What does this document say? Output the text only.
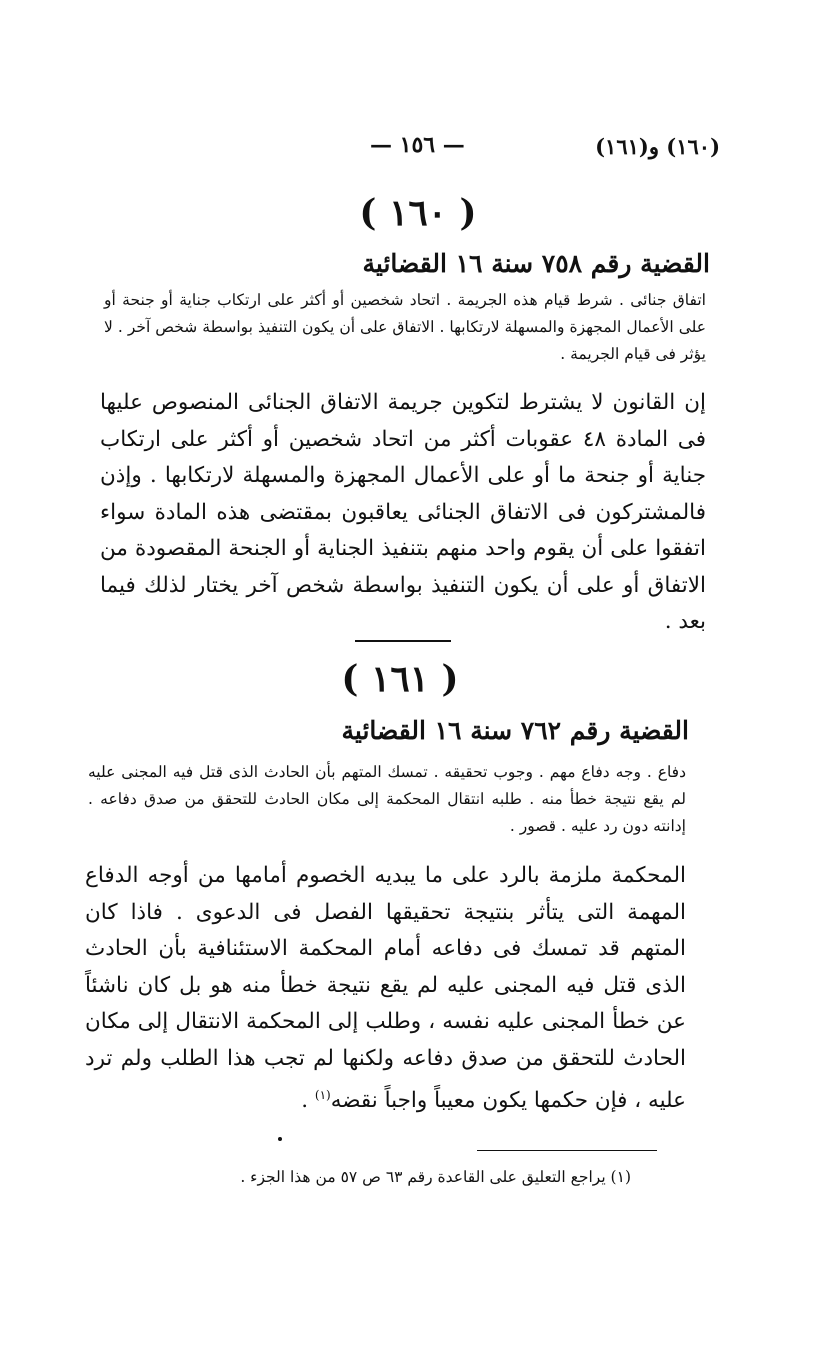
(١٦٠) و(١٦١)
— ١٥٦ —
( ١٦٠ )
القضية رقم ٧٥٨ سنة ١٦ القضائية
اتفاق جنائى . شرط قيام هذه الجريمة . اتحاد شخصين أو أكثر على ارتكاب جناية أو جنحة أو على الأعمال المجهزة والمسهلة لارتكابها . الاتفاق على أن يكون التنفيذ بواسطة شخص آخر . لا يؤثر فى قيام الجريمة .
إن القانون لا يشترط لتكوين جريمة الاتفاق الجنائى المنصوص عليها فى المادة ٤٨ عقوبات أكثر من اتحاد شخصين أو أكثر على ارتكاب جناية أو جنحة ما أو على الأعمال المجهزة والمسهلة لارتكابها . وإذن فالمشتركون فى الاتفاق الجنائى يعاقبون بمقتضى هذه المادة سواء اتفقوا على أن يقوم واحد منهم بتنفيذ الجناية أو الجنحة المقصودة من الاتفاق أو على أن يكون التنفيذ بواسطة شخص آخر يختار لذلك فيما بعد .
( ١٦١ )
القضية رقم ٧٦٢ سنة ١٦ القضائية
دفاع . وجه دفاع مهم . وجوب تحقيقه . تمسك المتهم بأن الحادث الذى قتل فيه المجنى عليه لم يقع نتيجة خطأ منه . طلبه انتقال المحكمة إلى مكان الحادث للتحقق من صدق دفاعه . إدانته دون رد عليه . قصور .
المحكمة ملزمة بالرد على ما يبديه الخصوم أمامها من أوجه الدفاع المهمة التى يتأثر بنتيجة تحقيقها الفصل فى الدعوى . فاذا كان المتهم قد تمسك فى دفاعه أمام المحكمة الاستئنافية بأن الحادث الذى قتل فيه المجنى عليه لم يقع نتيجة خطأ منه هو بل كان ناشئاً عن خطأ المجنى عليه نفسه ، وطلب إلى المحكمة الانتقال إلى مكان الحادث للتحقق من صدق دفاعه ولكنها لم تجب هذا الطلب ولم ترد عليه ، فإن حكمها يكون معيباً واجباً نقضه$^{(١)}$ .
(١) يراجع التعليق على القاعدة رقم ٦٣ ص ٥٧ من هذا الجزء .
